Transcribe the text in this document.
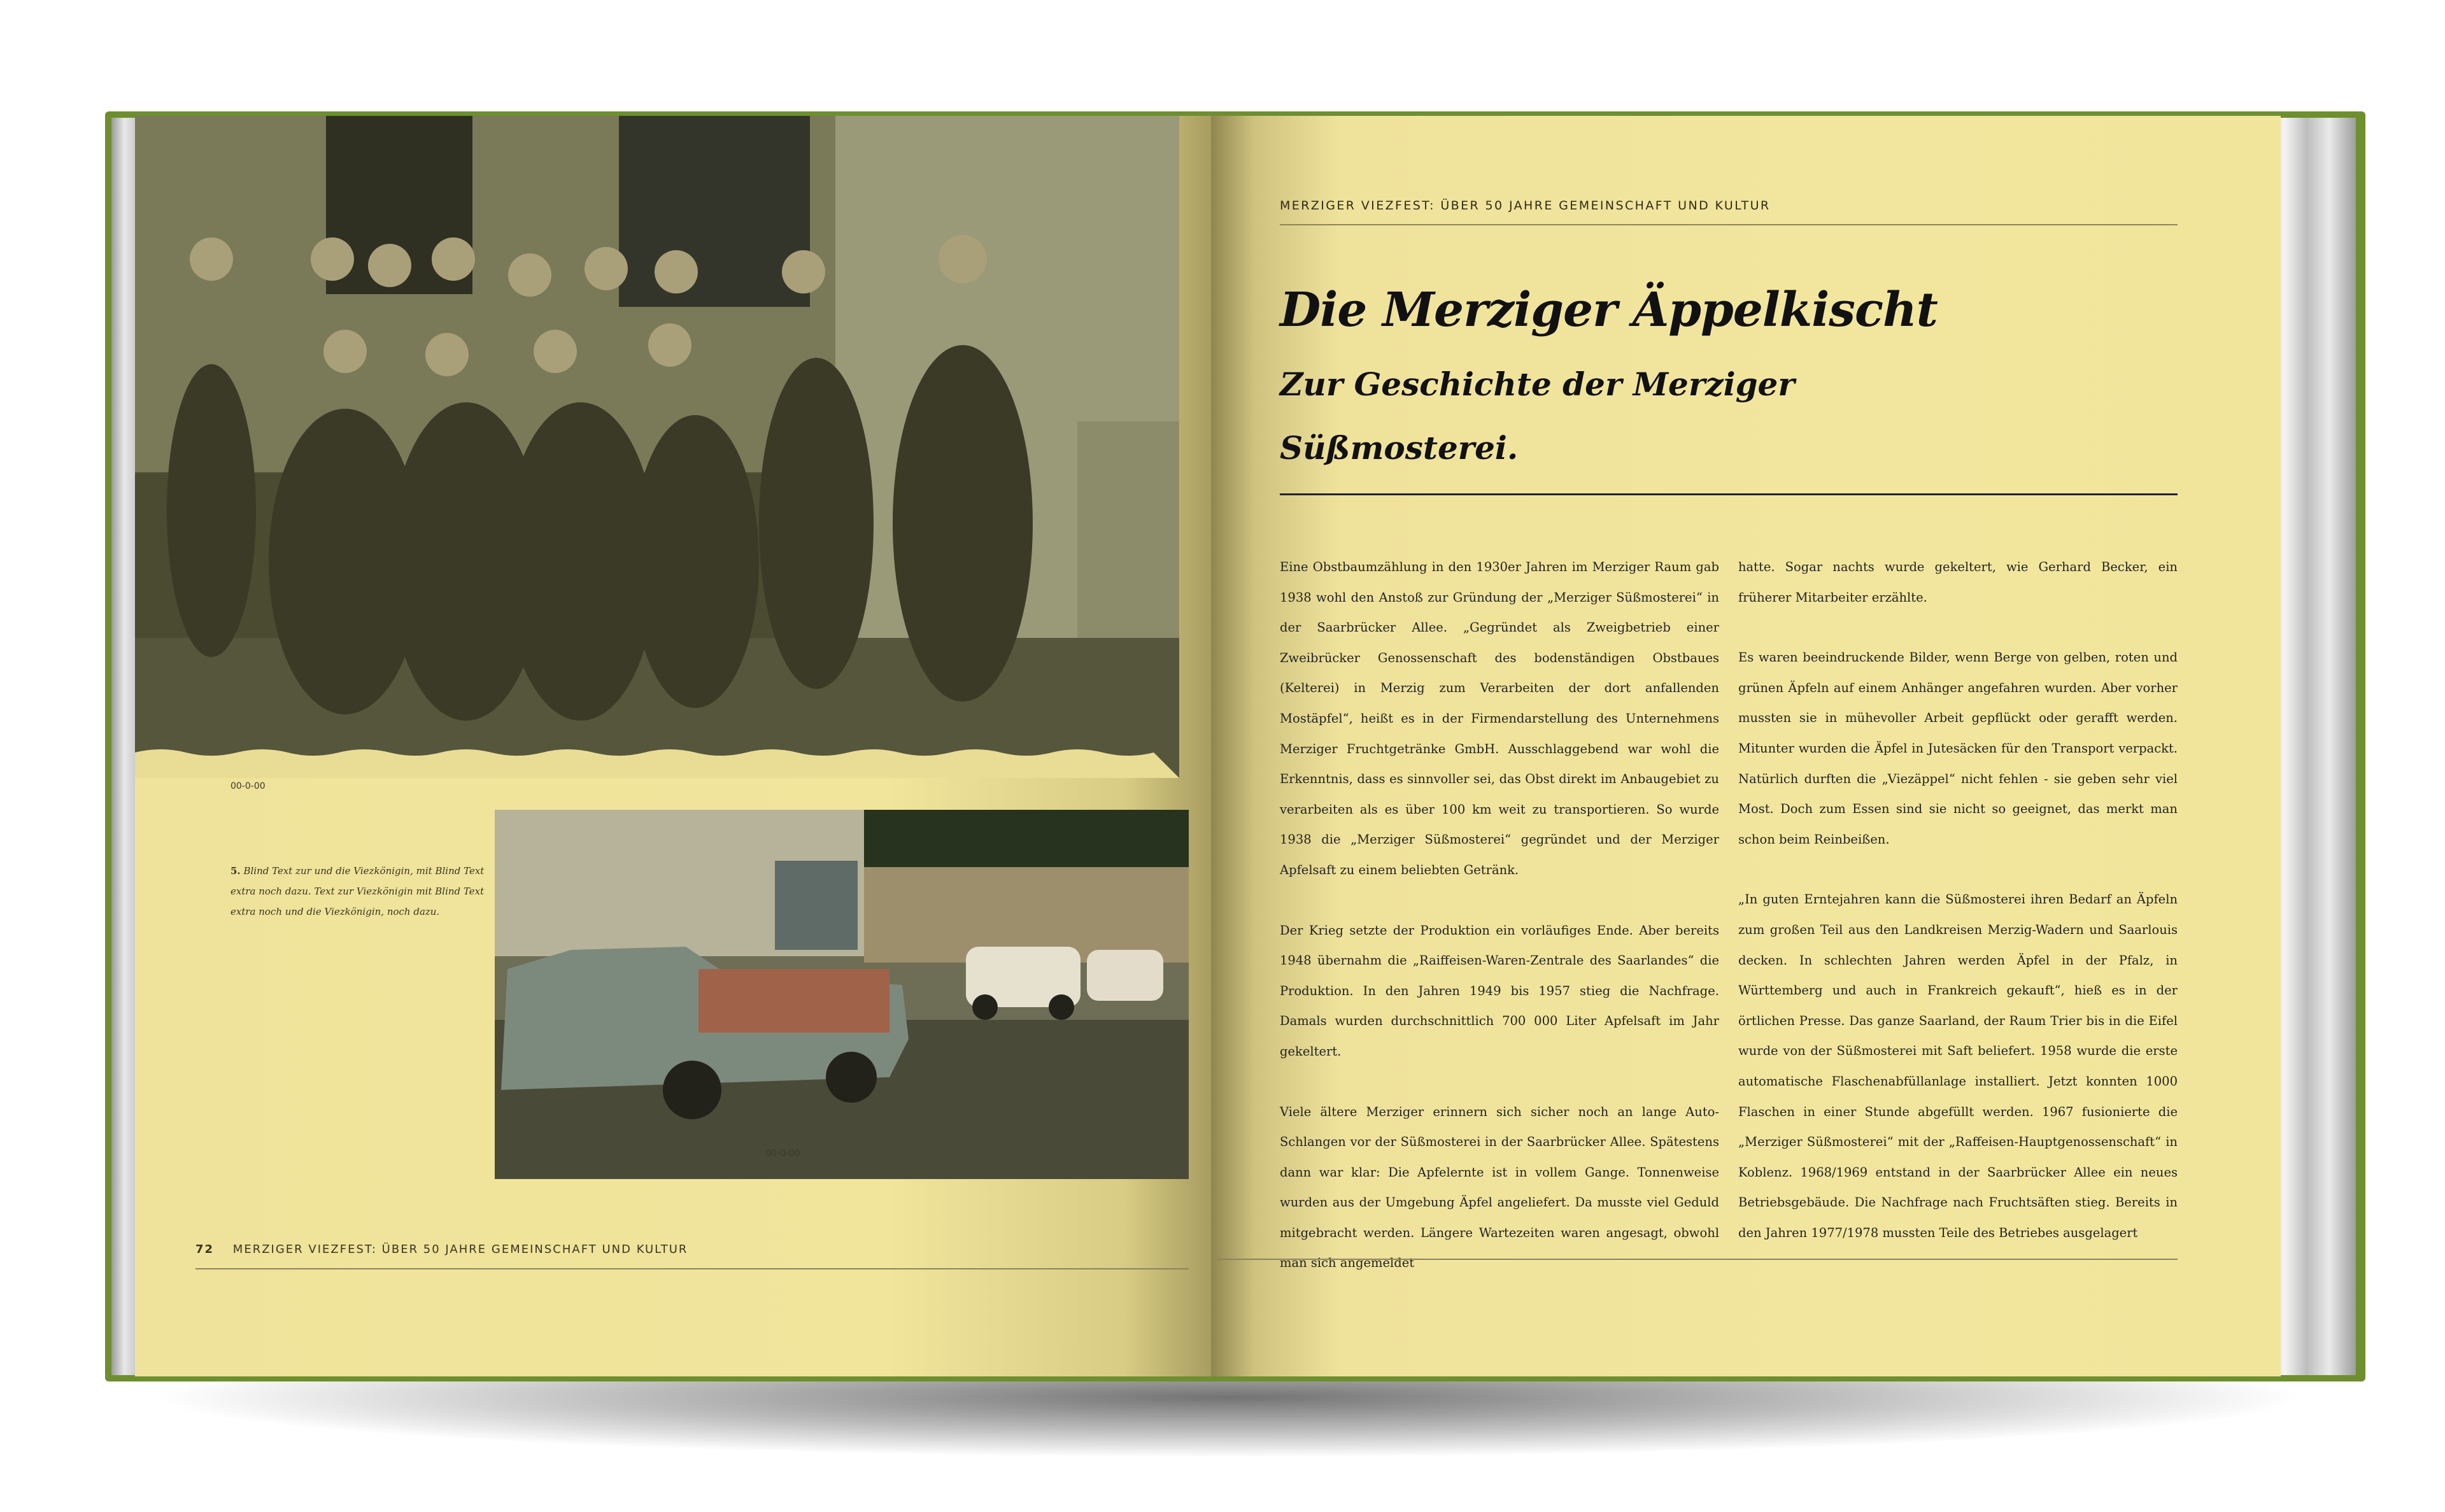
00-0-00
5. Blind Text zur und die Viezkönigin, mit Blind Text extra noch dazu. Text zur Viezkönigin mit Blind Text extra noch und die Viezkönigin, noch dazu.
00-0-00
72 MERZIGER VIEZFEST: ÜBER 50 JAHRE GEMEINSCHAFT UND KULTUR
MERZIGER VIEZFEST: ÜBER 50 JAHRE GEMEINSCHAFT UND KULTUR
Die Merziger Äppelkischt
Zur Geschichte der Merziger Süßmosterei.

Eine Obstbaumzählung in den 1930er Jahren im Merziger Raum gab 1938 wohl den Anstoß zur Gründung der „Merziger Süßmosterei“ in der Saarbrücker Allee. „Gegründet als Zweigbetrieb einer Zweibrücker Genossenschaft des bodenständigen Obstbaues (Kelterei) in Merzig zum Verarbeiten der dort anfallenden Mostäpfel“, heißt es in der Firmendarstellung des Unternehmens Merziger Fruchtgetränke GmbH. Ausschlaggebend war wohl die Erkenntnis, dass es sinnvoller sei, das Obst direkt im Anbaugebiet zu verarbeiten als es über 100 km weit zu transportieren. So wurde 1938 die „Merziger Süßmosterei“ gegründet und der Merziger Apfelsaft zu einem beliebten Getränk.

Der Krieg setzte der Produktion ein vorläufiges Ende. Aber bereits 1948 übernahm die „Raiffeisen-Waren-Zentrale des Saarlandes“ die Produktion. In den Jahren 1949 bis 1957 stieg die Nachfrage. Damals wurden durchschnittlich 700 000 Liter Apfelsaft im Jahr gekeltert.

Viele ältere Merziger erinnern sich sicher noch an lange Auto-Schlangen vor der Süßmosterei in der Saarbrücker Allee. Spätestens dann war klar: Die Apfelernte ist in vollem Gange. Tonnenweise wurden aus der Umgebung Äpfel angeliefert. Da musste viel Geduld mitgebracht werden. Längere Wartezeiten waren angesagt, obwohl man sich angemeldet

hatte. Sogar nachts wurde gekeltert, wie Gerhard Becker, ein früherer Mitarbeiter erzählte.

Es waren beeindruckende Bilder, wenn Berge von gelben, roten und grünen Äpfeln auf einem Anhänger angefahren wurden. Aber vorher mussten sie in mühevoller Arbeit gepflückt oder gerafft werden. Mitunter wurden die Äpfel in Jutesäcken für den Transport verpackt. Natürlich durften die „Viezäppel“ nicht fehlen - sie geben sehr viel Most. Doch zum Essen sind sie nicht so geeignet, das merkt man schon beim Reinbeißen.

„In guten Erntejahren kann die Süßmosterei ihren Bedarf an Äpfeln zum großen Teil aus den Landkreisen Merzig-Wadern und Saarlouis decken. In schlechten Jahren werden Äpfel in der Pfalz, in Württemberg und auch in Frankreich gekauft“, hieß es in der örtlichen Presse. Das ganze Saarland, der Raum Trier bis in die Eifel wurde von der Süßmosterei mit Saft beliefert. 1958 wurde die erste automatische Flaschenabfüllanlage installiert. Jetzt konnten 1000 Flaschen in einer Stunde abgefüllt werden. 1967 fusionierte die „Merziger Süßmosterei“ mit der „Raffeisen-Hauptgenossenschaft“ in Koblenz. 1968/1969 entstand in der Saarbrücker Allee ein neues Betriebsgebäude. Die Nachfrage nach Fruchtsäften stieg. Bereits in den Jahren 1977/1978 mussten Teile des Betriebes ausgelagert
